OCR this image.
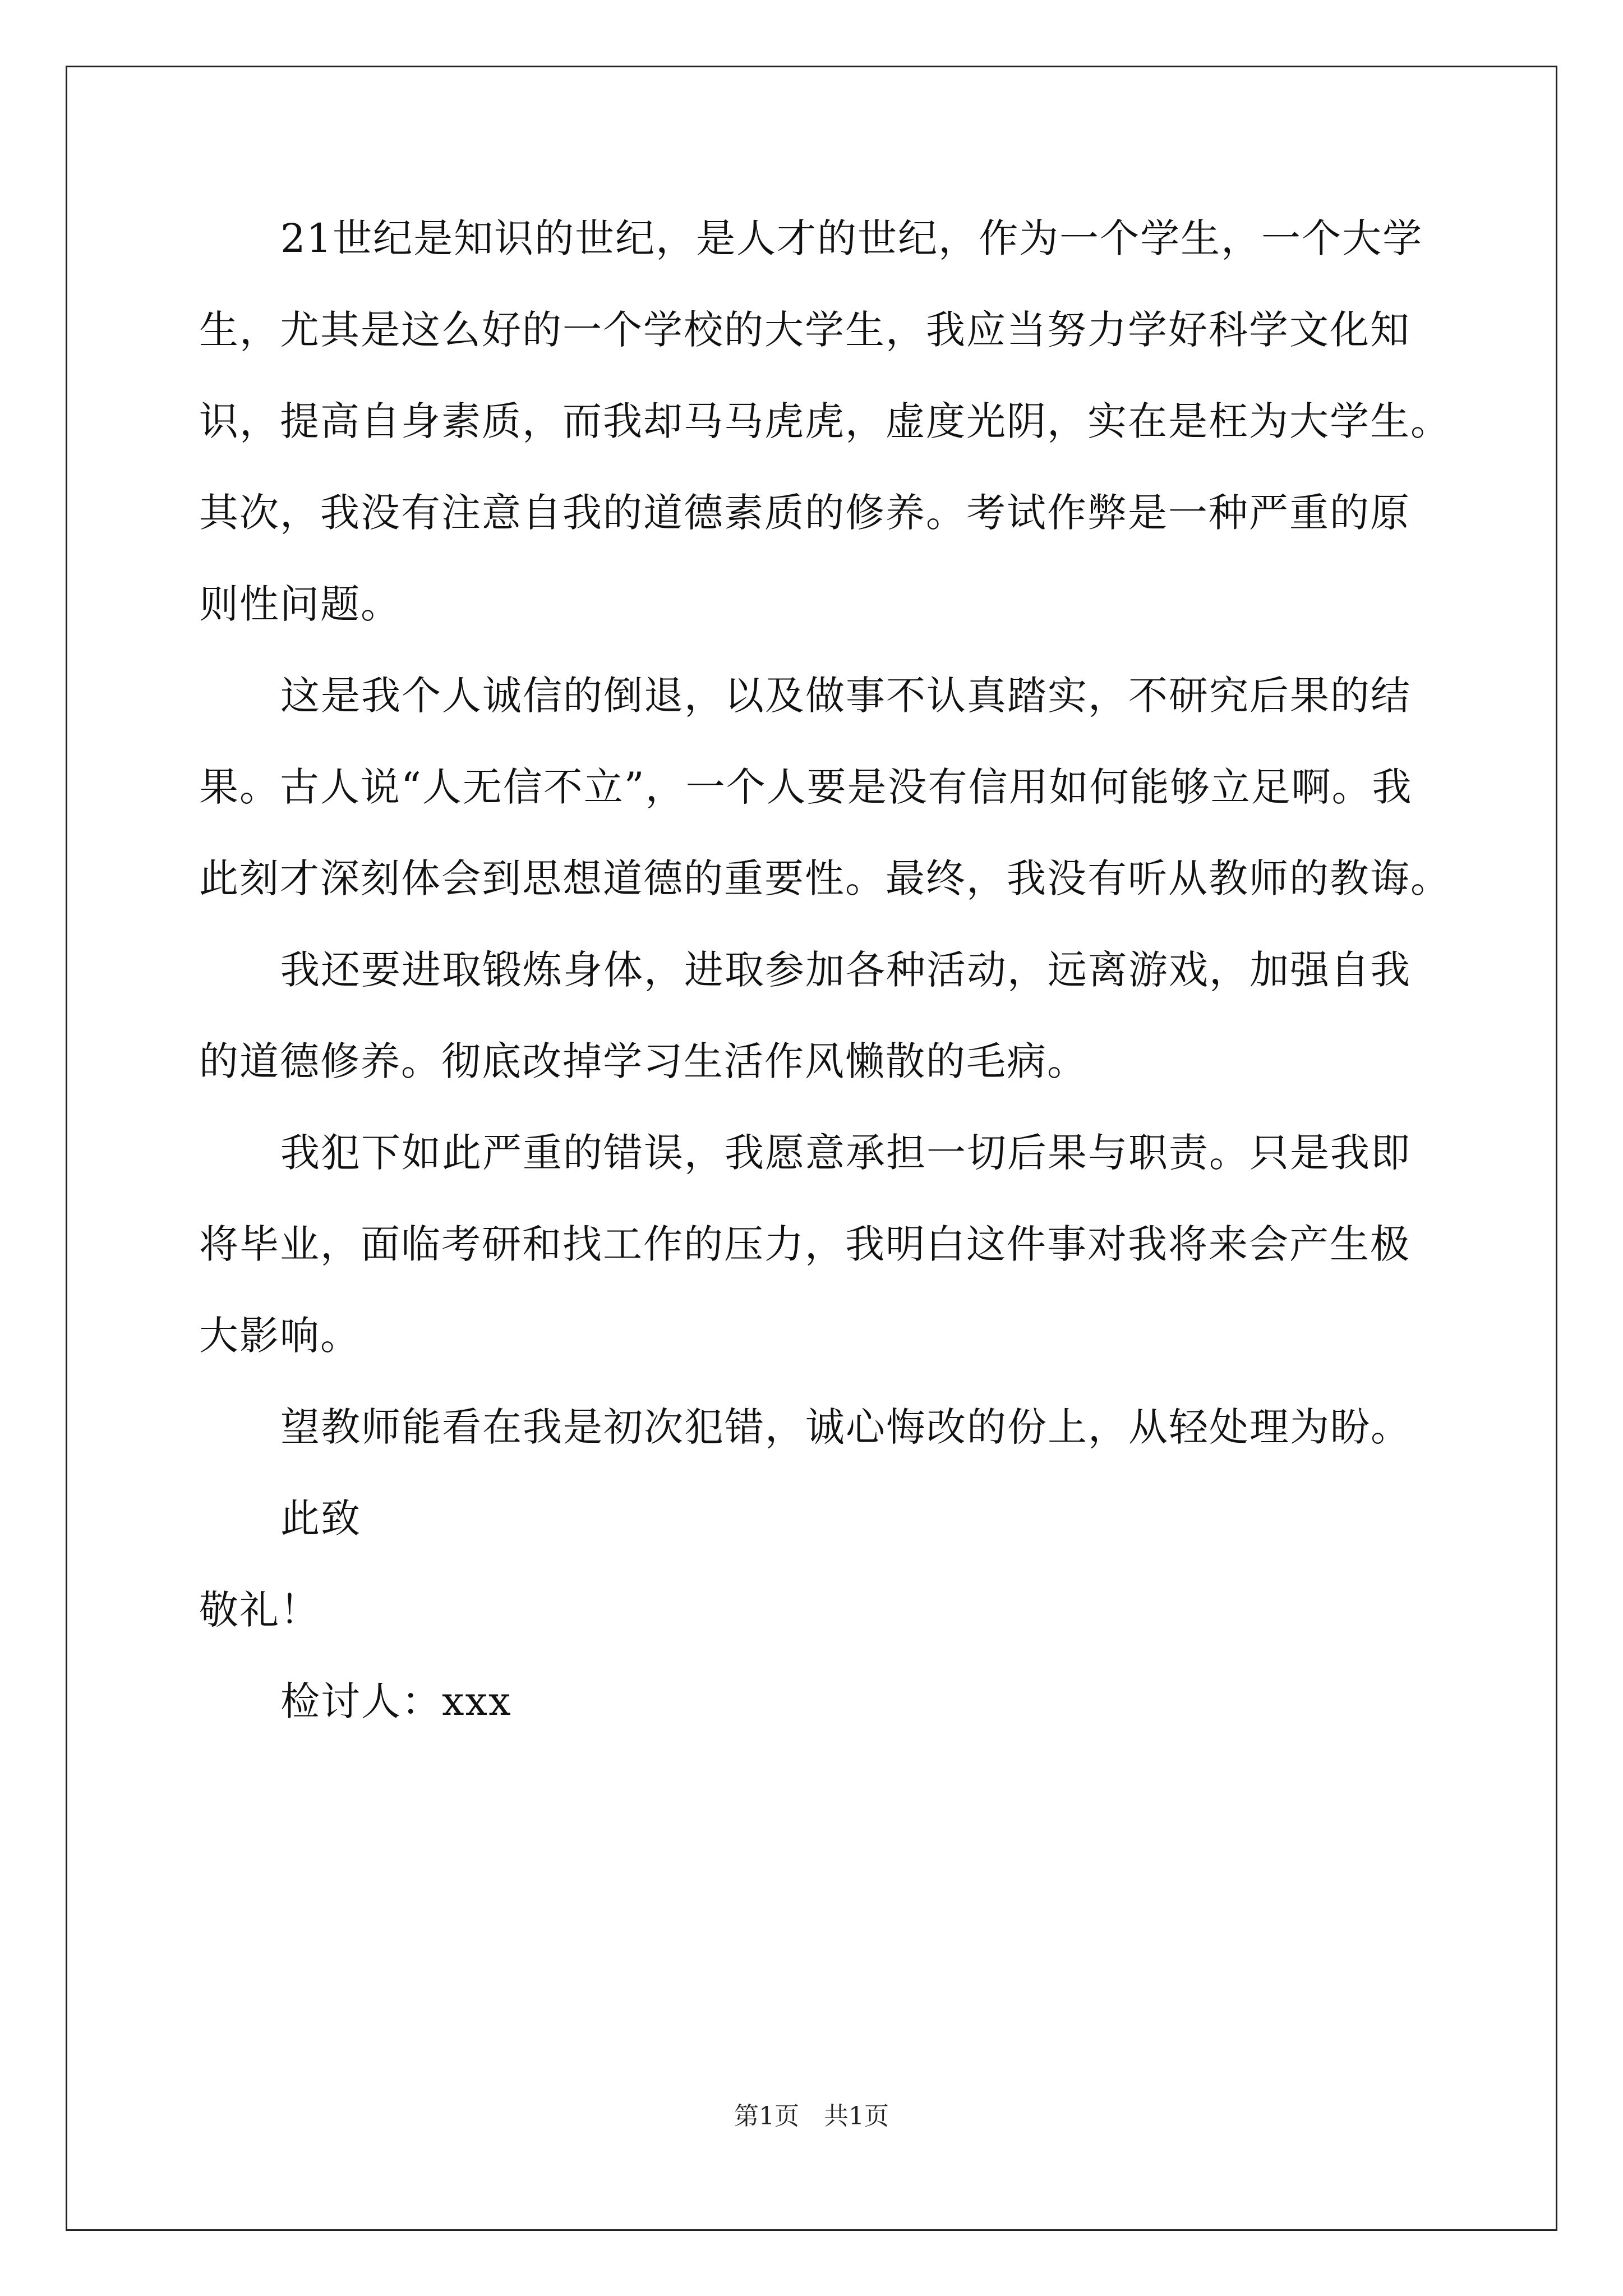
21世纪是知识的世纪，是人才的世纪，作为一个学生，一个大学
生，尤其是这么好的一个学校的大学生，我应当努力学好科学文化知
识，提高自身素质，而我却马马虎虎，虚度光阴，实在是枉为大学生。
其次，我没有注意自我的道德素质的修养。考试作弊是一种严重的原
则性问题。
这是我个人诚信的倒退，以及做事不认真踏实，不研究后果的结
果。古人说“人无信不立”，一个人要是没有信用如何能够立足啊。我
此刻才深刻体会到思想道德的重要性。最终，我没有听从教师的教诲。
我还要进取锻炼身体，进取参加各种活动，远离游戏，加强自我
的道德修养。彻底改掉学习生活作风懒散的毛病。
我犯下如此严重的错误，我愿意承担一切后果与职责。只是我即
将毕业，面临考研和找工作的压力，我明白这件事对我将来会产生极
大影响。
望教师能看在我是初次犯错，诚心悔改的份上，从轻处理为盼。
此致
敬礼！
检讨人：xxx
第1页　共1页
